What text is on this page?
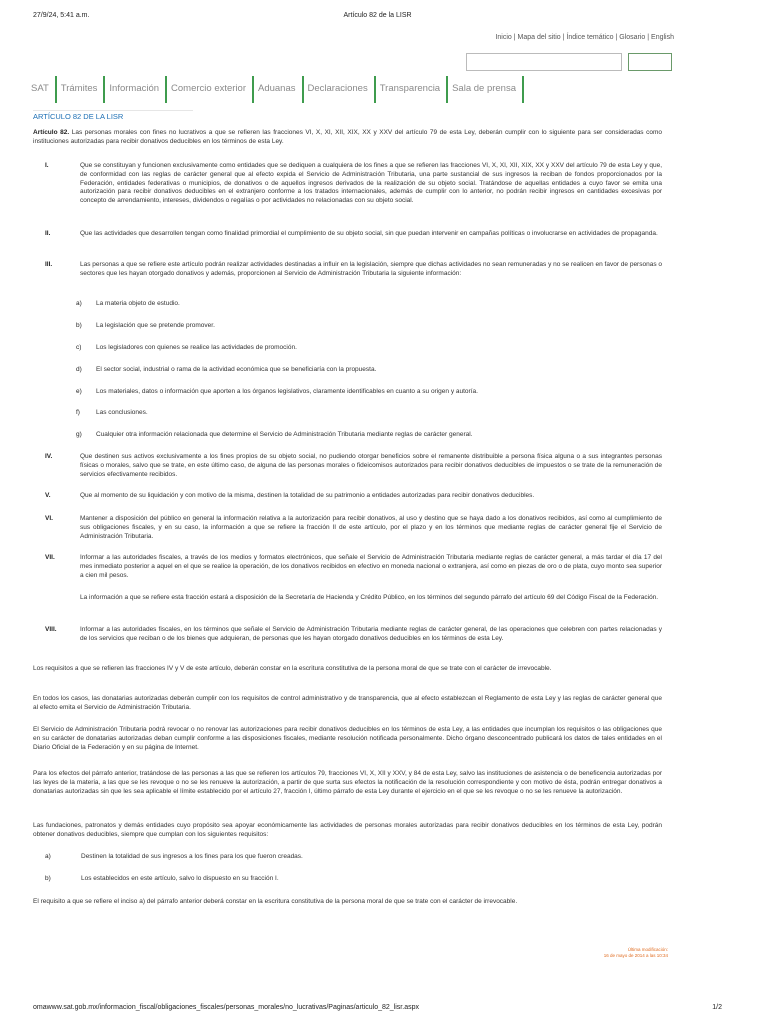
27/9/24, 5:41 a.m.	Artículo 82 de la LISR
Inicio | Mapa del sitio | Índice temático | Glosario | English
SAT	Trámites	Información	Comercio exterior	Aduanas	Declaraciones	Transparencia	Sala de prensa
ARTÍCULO 82 DE LA LISR
Artículo 82. Las personas morales con fines no lucrativos a que se refieren las fracciones VI, X, XI, XII, XIX, XX y XXV del artículo 79 de esta Ley, deberán cumplir con lo siguiente para ser consideradas como instituciones autorizadas para recibir donativos deducibles en los términos de esta Ley.
I.	Que se constituyan y funcionen exclusivamente como entidades que se dediquen a cualquiera de los fines a que se refieren las fracciones VI, X, XI, XII, XIX, XX y XXV del artículo 79 de esta Ley y que, de conformidad con las reglas de carácter general que al efecto expida el Servicio de Administración Tributaria, una parte sustancial de sus ingresos la reciban de fondos proporcionados por la Federación, entidades federativas o municipios, de donativos o de aquellos ingresos derivados de la realización de su objeto social. Tratándose de aquellas entidades a cuyo favor se emita una autorización para recibir donativos deducibles en el extranjero conforme a los tratados internacionales, además de cumplir con lo anterior, no podrán recibir ingresos en cantidades excesivas por concepto de arrendamiento, intereses, dividendos o regalías o por actividades no relacionadas con su objeto social.
II.	Que las actividades que desarrollen tengan como finalidad primordial el cumplimiento de su objeto social, sin que puedan intervenir en campañas políticas o involucrarse en actividades de propaganda.
III.	Las personas a que se refiere este artículo podrán realizar actividades destinadas a influir en la legislación, siempre que dichas actividades no sean remuneradas y no se realicen en favor de personas o sectores que les hayan otorgado donativos y además, proporcionen al Servicio de Administración Tributaria la siguiente información:
a) La materia objeto de estudio.
b) La legislación que se pretende promover.
c) Los legisladores con quienes se realice las actividades de promoción.
d) El sector social, industrial o rama de la actividad económica que se beneficiaría con la propuesta.
e) Los materiales, datos o información que aporten a los órganos legislativos, claramente identificables en cuanto a su origen y autoría.
f) Las conclusiones.
g) Cualquier otra información relacionada que determine el Servicio de Administración Tributaria mediante reglas de carácter general.
IV.	Que destinen sus activos exclusivamente a los fines propios de su objeto social, no pudiendo otorgar beneficios sobre el remanente distribuible a persona física alguna o a sus integrantes personas físicas o morales, salvo que se trate, en este último caso, de alguna de las personas morales o fideicomisos autorizados para recibir donativos deducibles de impuestos o se trate de la remuneración de servicios efectivamente recibidos.
V.	Que al momento de su liquidación y con motivo de la misma, destinen la totalidad de su patrimonio a entidades autorizadas para recibir donativos deducibles.
VI.	Mantener a disposición del público en general la información relativa a la autorización para recibir donativos, al uso y destino que se haya dado a los donativos recibidos, así como al cumplimiento de sus obligaciones fiscales, y en su caso, la información a que se refiere la fracción II de este artículo, por el plazo y en los términos que mediante reglas de carácter general fije el Servicio de Administración Tributaria.
VII.	Informar a las autoridades fiscales, a través de los medios y formatos electrónicos, que señale el Servicio de Administración Tributaria mediante reglas de carácter general, a más tardar el día 17 del mes inmediato posterior a aquel en el que se realice la operación, de los donativos recibidos en efectivo en moneda nacional o extranjera, así como en piezas de oro o de plata, cuyo monto sea superior a cien mil pesos.
La información a que se refiere esta fracción estará a disposición de la Secretaría de Hacienda y Crédito Público, en los términos del segundo párrafo del artículo 69 del Código Fiscal de la Federación.
VIII.	Informar a las autoridades fiscales, en los términos que señale el Servicio de Administración Tributaria mediante reglas de carácter general, de las operaciones que celebren con partes relacionadas y de los servicios que reciban o de los bienes que adquieran, de personas que les hayan otorgado donativos deducibles en los términos de esta Ley.
Los requisitos a que se refieren las fracciones IV y V de este artículo, deberán constar en la escritura constitutiva de la persona moral de que se trate con el carácter de irrevocable.
En todos los casos, las donatarias autorizadas deberán cumplir con los requisitos de control administrativo y de transparencia, que al efecto establezcan el Reglamento de esta Ley y las reglas de carácter general que al efecto emita el Servicio de Administración Tributaria.
El Servicio de Administración Tributaria podrá revocar o no renovar las autorizaciones para recibir donativos deducibles en los términos de esta Ley, a las entidades que incumplan los requisitos o las obligaciones que en su carácter de donatarias autorizadas deban cumplir conforme a las disposiciones fiscales, mediante resolución notificada personalmente. Dicho órgano desconcentrado publicará los datos de tales entidades en el Diario Oficial de la Federación y en su página de Internet.
Para los efectos del párrafo anterior, tratándose de las personas a las que se refieren los artículos 79, fracciones VI, X, XII y XXV, y 84 de esta Ley, salvo las instituciones de asistencia o de beneficencia autorizadas por las leyes de la materia, a las que se les revoque o no se les renueve la autorización, a partir de que surta sus efectos la notificación de la resolución correspondiente y con motivo de ésta, podrán entregar donativos a donatarias autorizadas sin que les sea aplicable el límite establecido por el artículo 27, fracción I, último párrafo de esta Ley durante el ejercicio en el que se les revoque o no se les renueve la autorización.
Las fundaciones, patronatos y demás entidades cuyo propósito sea apoyar económicamente las actividades de personas morales autorizadas para recibir donativos deducibles en los términos de esta Ley, podrán obtener donativos deducibles, siempre que cumplan con los siguientes requisitos:
a)	Destinen la totalidad de sus ingresos a los fines para los que fueron creadas.
b)	Los establecidos en este artículo, salvo lo dispuesto en su fracción I.
El requisito a que se refiere el inciso a) del párrafo anterior deberá constar en la escritura constitutiva de la persona moral de que se trate con el carácter de irrevocable.
Última modificación:
16 de mayo de 2014 a las 10:34
omawww.sat.gob.mx/informacion_fiscal/obligaciones_fiscales/personas_morales/no_lucrativas/Paginas/articulo_82_lisr.aspx	1/2
